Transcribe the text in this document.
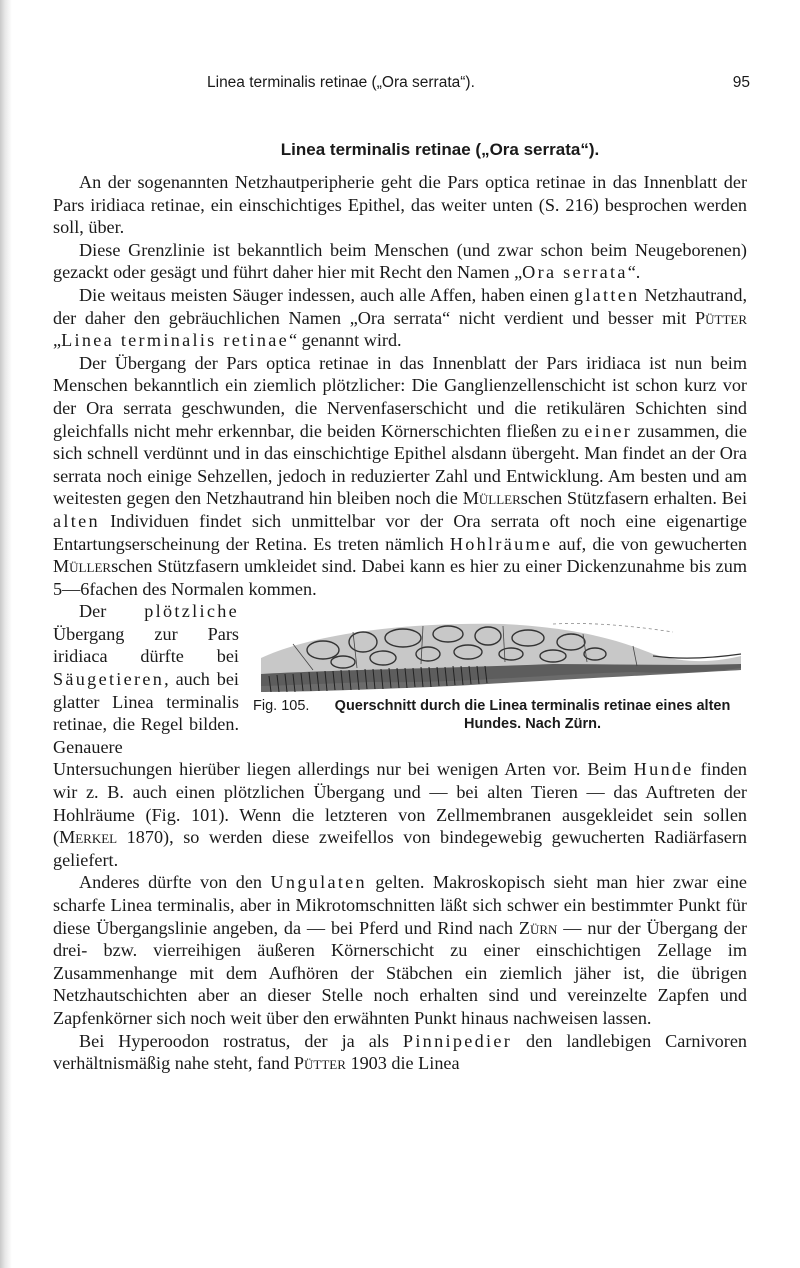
Linea terminalis retinae („Ora serrata“).	95
Linea terminalis retinae („Ora serrata“).

An der sogenannten Netzhautperipherie geht die Pars optica retinae in das Innenblatt der Pars iridiaca retinae, ein einschichtiges Epithel, das weiter unten (S. 216) besprochen werden soll, über.

Diese Grenzlinie ist bekanntlich beim Menschen (und zwar schon beim Neugeborenen) gezackt oder gesägt und führt daher hier mit Recht den Namen „Ora serrata“.

Die weitaus meisten Säuger indessen, auch alle Affen, haben einen glatten Netzhautrand, der daher den gebräuchlichen Namen „Ora serrata“ nicht verdient und besser mit Pütter „Linea terminalis retinae“ genannt wird.

Der Übergang der Pars optica retinae in das Innenblatt der Pars iridiaca ist nun beim Menschen bekanntlich ein ziemlich plötzlicher: Die Ganglienzellenschicht ist schon kurz vor der Ora serrata geschwunden, die Nervenfaserschicht und die retikulären Schichten sind gleichfalls nicht mehr erkennbar, die beiden Körnerschichten fließen zu einer zusammen, die sich schnell verdünnt und in das einschichtige Epithel alsdann übergeht. Man findet an der Ora serrata noch einige Sehzellen, jedoch in reduzierter Zahl und Entwicklung. Am besten und am weitesten gegen den Netzhautrand hin bleiben noch die Müllerschen Stützfasern erhalten. Bei alten Individuen findet sich unmittelbar vor der Ora serrata oft noch eine eigenartige Entartungserscheinung der Retina. Es treten nämlich Hohlräume auf, die von gewucherten Müllerschen Stützfasern umkleidet sind. Dabei kann es hier zu einer Dickenzunahme bis zum 5—6fachen des Normalen kommen.

Der plötzliche Übergang zur Pars iridiaca dürfte bei Säugetieren, auch bei glatter Linea terminalis retinae, die Regel bilden. Genauere Untersuchungen hierüber liegen allerdings nur bei wenigen Arten vor. Beim Hunde finden wir z. B. auch einen plötzlichen Übergang und — bei alten Tieren — das Auftreten der Hohlräume (Fig. 101). Wenn die letzteren von Zellmembranen ausgekleidet sein sollen (Merkel 1870), so werden diese zweifellos von bindegewebig gewucherten Radiärfasern geliefert.

Anderes dürfte von den Ungulaten gelten. Makroskopisch sieht man hier zwar eine scharfe Linea terminalis, aber in Mikrotomschnitten läßt sich schwer ein bestimmter Punkt für diese Übergangslinie angeben, da — bei Pferd und Rind nach Zürn — nur der Übergang der drei- bzw. vierreihigen äußeren Körnerschicht zu einer einschichtigen Zellage im Zusammenhange mit dem Aufhören der Stäbchen ein ziemlich jäher ist, die übrigen Netzhautschichten aber an dieser Stelle noch erhalten sind und vereinzelte Zapfen und Zapfenkörner sich noch weit über den erwähnten Punkt hinaus nachweisen lassen.

Bei Hyperoodon rostratus, der ja als Pinnipedier den landlebigen Carnivoren verhältnismäßig nahe steht, fand Pütter 1903 die Linea

Fig. 105.	Querschnitt durch die Linea terminalis retinae eines alten Hundes. Nach Zürn.
